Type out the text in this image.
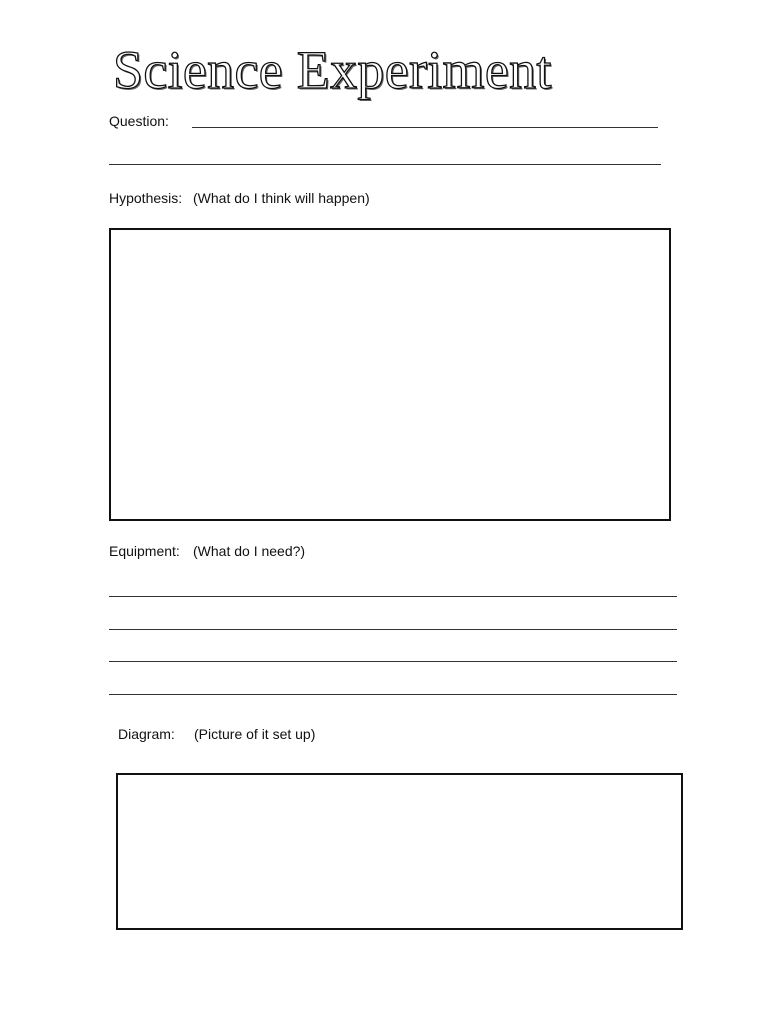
Science Experiment
Question:
Hypothesis: (What do I think will happen)
Equipment: (What do I need?)
Diagram: (Picture of it set up)
